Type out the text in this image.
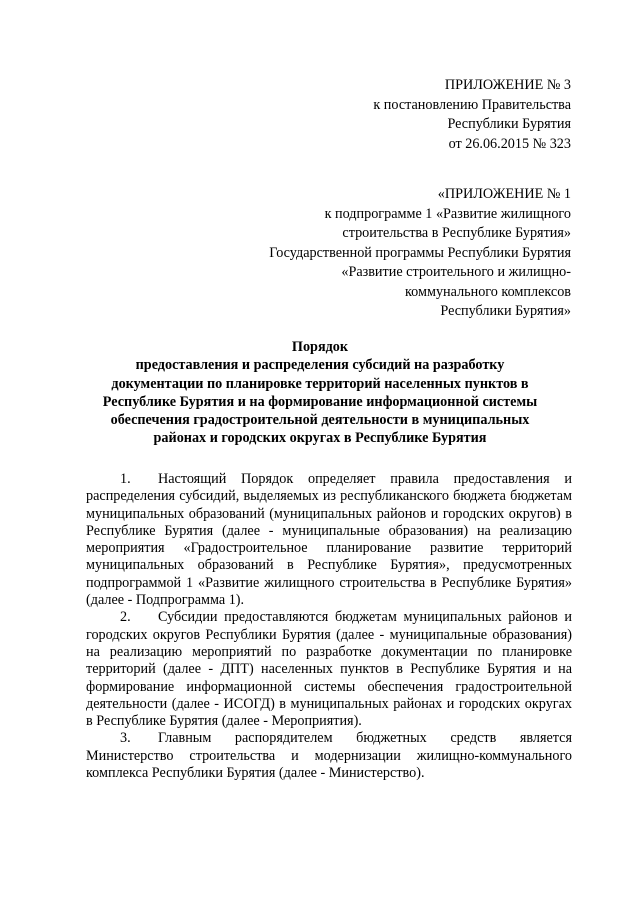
ПРИЛОЖЕНИЕ № 3
к постановлению Правительства
Республики Бурятия
от 26.06.2015 № 323
«ПРИЛОЖЕНИЕ № 1
к подпрограмме 1 «Развитие жилищного
строительства в Республике Бурятия»
Государственной программы Республики Бурятия
«Развитие строительного и жилищно-
коммунального комплексов
Республики Бурятия»
Порядок
предоставления и распределения субсидий на разработку
документации по планировке территорий населенных пунктов в
Республике Бурятия и на формирование информационной системы
обеспечения градостроительной деятельности в муниципальных
районах и городских округах в Республике Бурятия

1. Настоящий Порядок определяет правила предоставления и распределения субсидий, выделяемых из республиканского бюджета бюджетам муниципальных образований (муниципальных районов и городских округов) в Республике Бурятия (далее - муниципальные образования) на реализацию мероприятия «Градостроительное планирование развитие территорий муниципальных образований в Республике Бурятия», предусмотренных подпрограммой 1 «Развитие жилищного строительства в Республике Бурятия» (далее - Подпрограмма 1).

2. Субсидии предоставляются бюджетам муниципальных районов и городских округов Республики Бурятия (далее - муниципальные образования) на реализацию мероприятий по разработке документации по планировке территорий (далее - ДПТ) населенных пунктов в Республике Бурятия и на формирование информационной системы обеспечения градостроительной деятельности (далее - ИСОГД) в муниципальных районах и городских округах в Республике Бурятия (далее - Мероприятия).

3. Главным распорядителем бюджетных средств является Министерство строительства и модернизации жилищно-коммунального комплекса Республики Бурятия (далее - Министерство).
